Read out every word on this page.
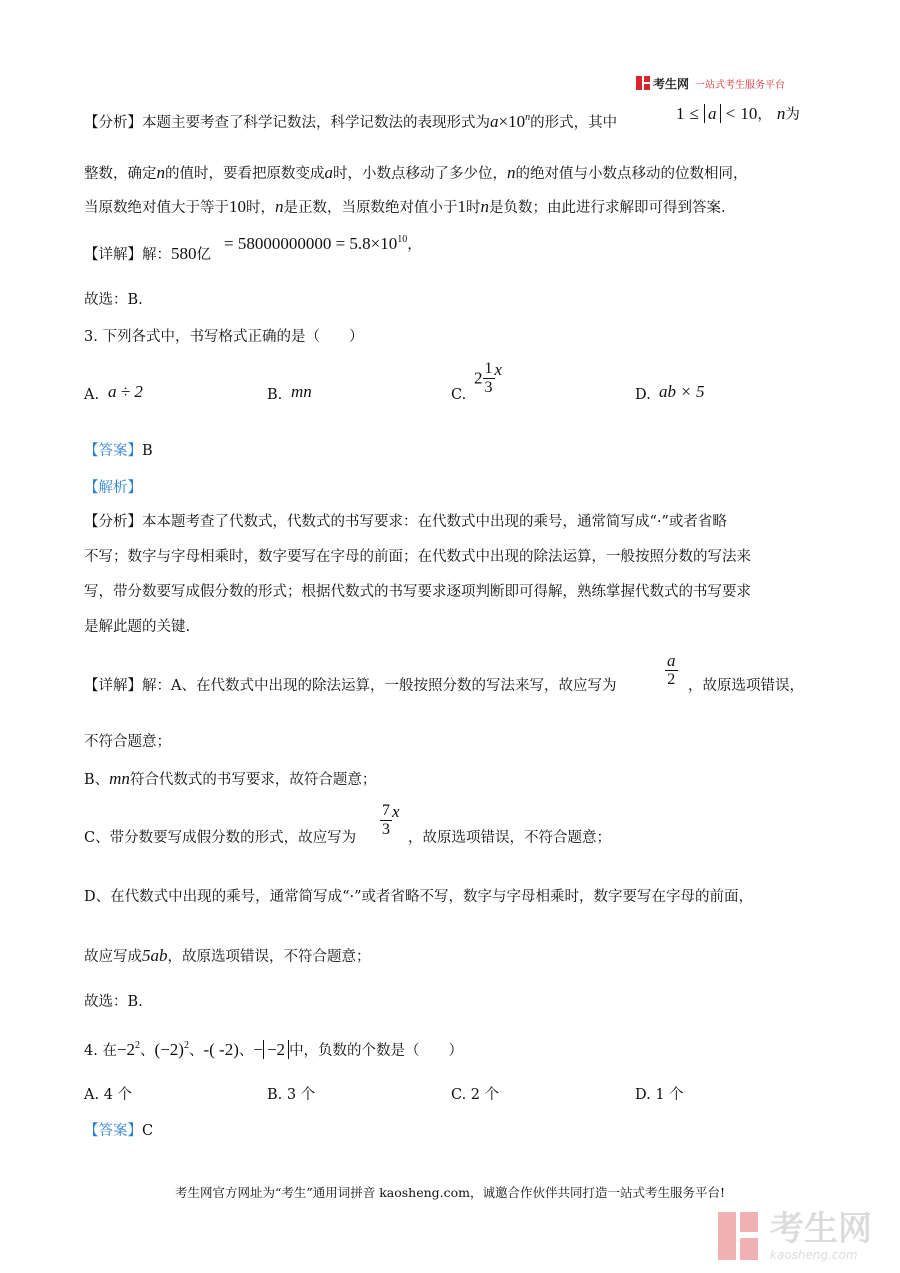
考生网 一站式考生服务平台
【分析】本题主要考查了科学记数法，科学记数法的表现形式为$a\times 10^n$的形式，其中	1 ≤ a < 10， n为
整数，确定n的值时，要看把原数变成a时，小数点移动了多少位，n的绝对值与小数点移动的位数相同，
当原数绝对值大于等于10时，n是正数，当原数绝对值小于1时n是负数；由此进行求解即可得到答案.
【详解】解：580亿
= $58000000000 = 5.8\times 10^{10}$，
故选：B.
3. 下列各式中，书写格式正确的是（　　）
A. a ÷ 2	B. mn	C.
$2 \frac{1}{3}$ x
D. ab × 5
【答案】B
【解析】
【分析】本本题考查了代数式，代数式的书写要求：在代数式中出现的乘号，通常简写成“·”或者省略
不写；数字与字母相乘时，数字要写在字母的前面；在代数式中出现的除法运算，一般按照分数的写法来
写，带分数要写成假分数的形式；根据代数式的书写要求逐项判断即可得解，熟练掌握代数式的书写要求
是解此题的关键.
【详解】解：A、在代数式中出现的除法运算，一般按照分数的写法来写，故应写为	$\frac{a}{2}$ ，故原选项错误，
不符合题意；
B、mn符合代数式的书写要求，故符合题意；
C、带分数要写成假分数的形式，故应写为 $\frac{7}{3}$ x
，故原选项错误，不符合题意；
D、在代数式中出现的乘号，通常简写成“·”或者省略不写，数字与字母相乘时，数字要写在字母的前面，
故应写成5ab，故原选项错误，不符合题意；
故选：B.
4. 在$-2^2$、$(-2)^2$、-( -2)、− −2 中，负数的个数是（　　）
A. 4 个	B. 3 个	C. 2 个	D. 1 个
【答案】C
考生网官方网址为“考生”通用词拼音 kaosheng.com，诚邀合作伙伴共同打造一站式考生服务平台!
考生网
kaosheng.com
